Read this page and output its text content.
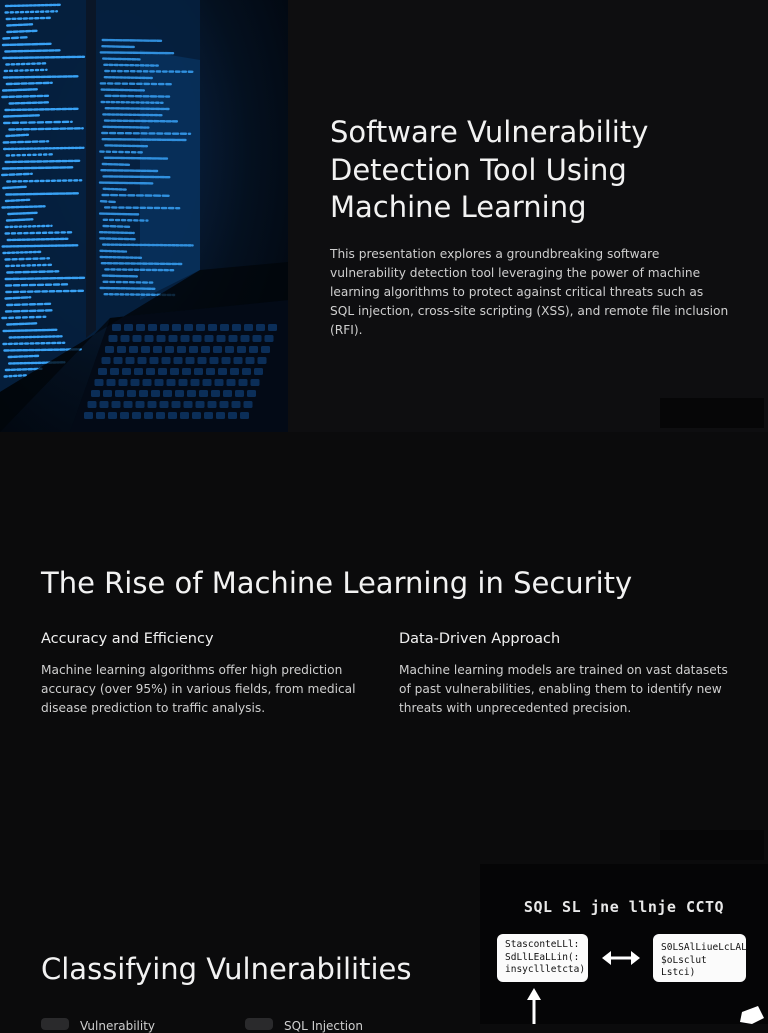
Software Vulnerability Detection Tool Using Machine Learning

This presentation explores a groundbreaking software vulnerability detection tool leveraging the power of machine learning algorithms to protect against critical threats such as SQL injection, cross-site scripting (XSS), and remote file inclusion (RFI).

The Rise of Machine Learning in Security
Accuracy and Efficiency

Machine learning algorithms offer high prediction accuracy (over 95%) in various fields, from medical disease prediction to traffic analysis.

Data-Driven Approach

Machine learning models are trained on vast datasets of past vulnerabilities, enabling them to identify new threats with unprecedented precision.

Classifying Vulnerabilities
Vulnerability	SQL Injection
SQL SL jne llnje CCTQ
StasconteLLl:
SdLlLEaLLin(:
insycllletcta)
S0LSAlLiueLcLAL
$oLsclut Lstci)
